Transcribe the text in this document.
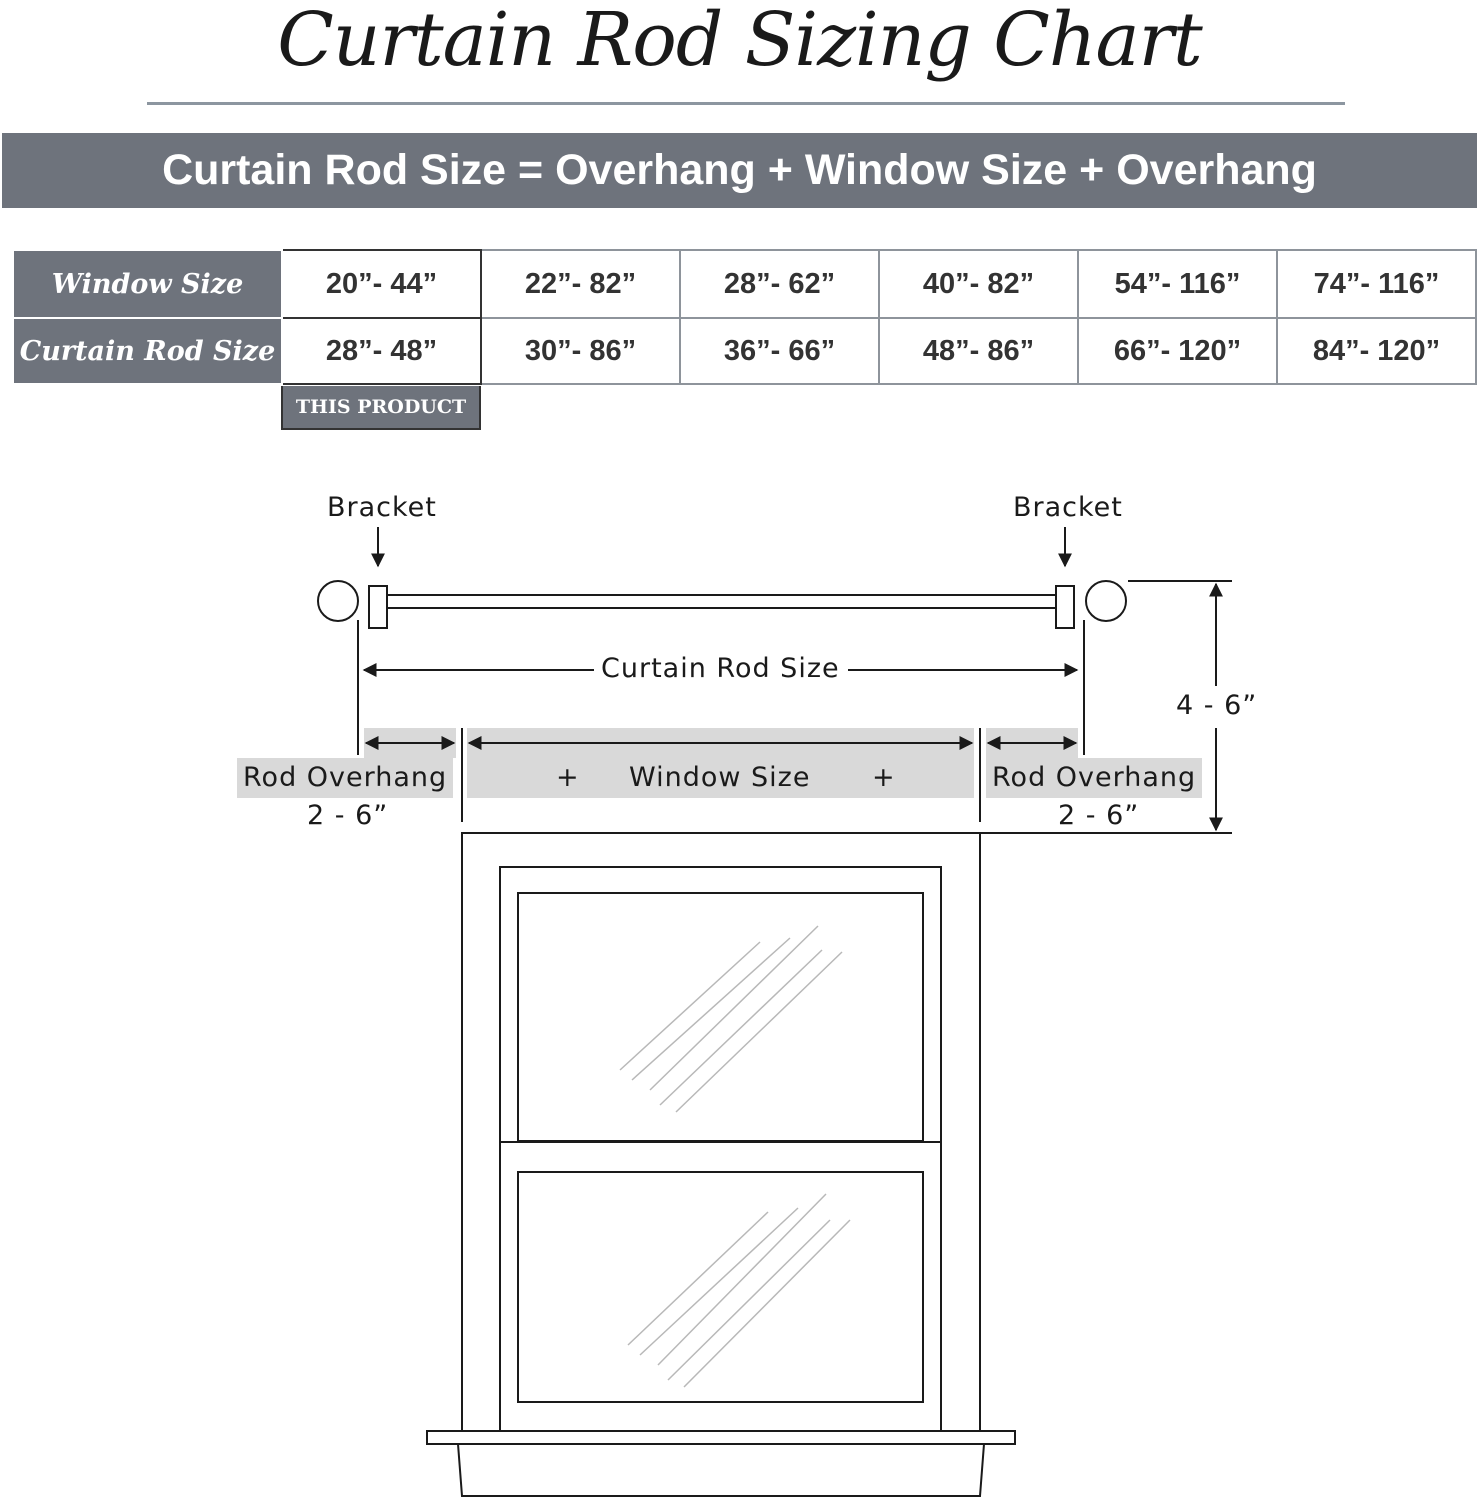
Curtain Rod Sizing Chart
Curtain Rod Size = Overhang + Window Size + Overhang
Window Size	20”- 44”	22”- 82”	28”- 62”	40”- 82”	54”- 116”	74”- 116”
Curtain Rod Size	28”- 48”	30”- 86”	36”- 66”	48”- 86”	66”- 120”	84”- 120”
THIS PRODUCT
Bracket	Bracket
Curtain Rod Size
4 - 6”
Rod Overhang
2 - 6”
+ Window Size +	Rod Overhang
2 - 6”
